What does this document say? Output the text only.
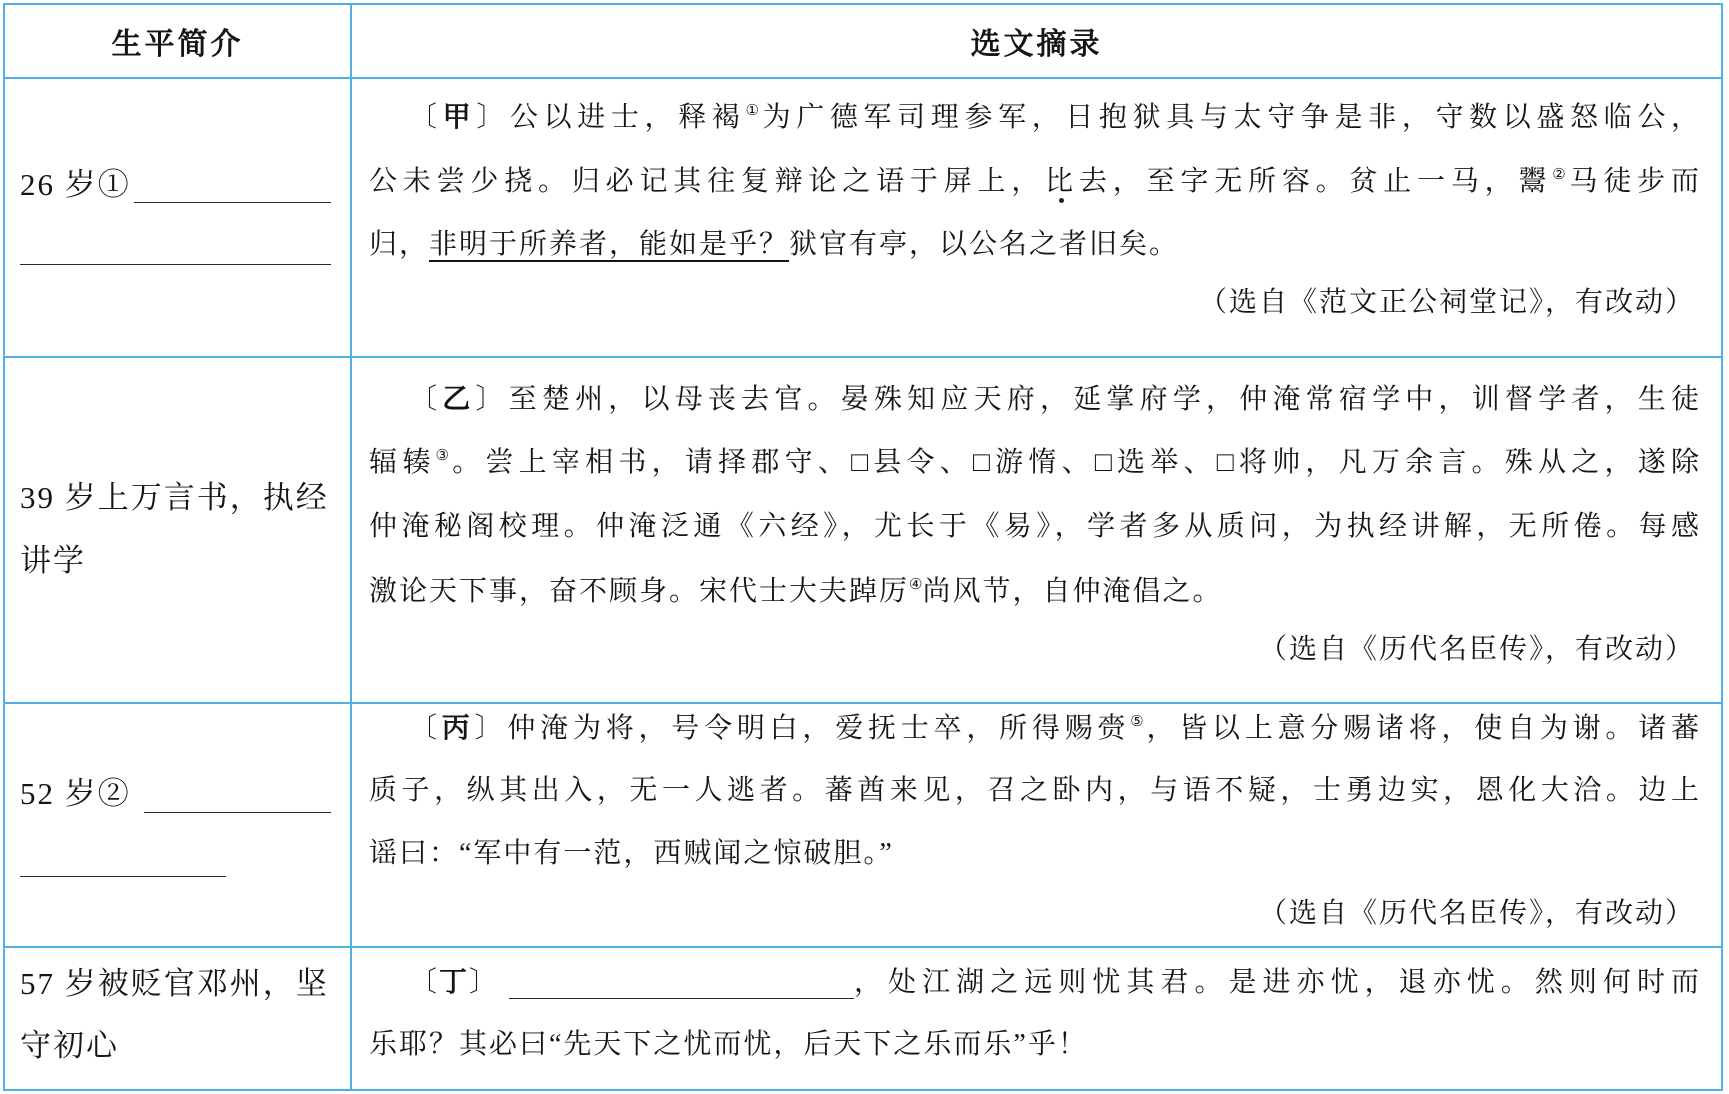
生平简介	选文摘录
26 岁①
〔甲〕公以进士，释褐①为广德军司理参军，日抱狱具与太守争是非，守数以盛怒临公，
公未尝少挠。归必记其往复辩论之语于屏上，比去，至字无所容。贫止一马，鬻②马徒步而
归，非明于所养者，能如是乎？狱官有亭，以公名之者旧矣。
（选自《范文正公祠堂记》，有改动）
39 岁上万言书，执经
讲学
〔乙〕至楚州，以母丧去官。晏殊知应天府，延掌府学，仲淹常宿学中，训督学者，生徒
辐辏③。尝上宰相书，请择郡守、□县令、□游惰、□选举、□将帅，凡万余言。殊从之，遂除
仲淹秘阁校理。仲淹泛通《六经》，尤长于《易》，学者多从质问，为执经讲解，无所倦。每感
激论天下事，奋不顾身。宋代士大夫踔厉④尚风节，自仲淹倡之。
（选自《历代名臣传》，有改动）
52 岁②
〔丙〕仲淹为将，号令明白，爱抚士卒，所得赐赍⑤，皆以上意分赐诸将，使自为谢。诸蕃
质子，纵其出入，无一人逃者。蕃酋来见，召之卧内，与语不疑，士勇边实，恩化大洽。边上
谣曰：“军中有一范，西贼闻之惊破胆。”
（选自《历代名臣传》，有改动）
57 岁被贬官邓州，坚
守初心
〔丁〕	，处江湖之远则忧其君。是进亦忧，退亦忧。然则何时而
乐耶？其必曰“先天下之忧而忧，后天下之乐而乐”乎！
